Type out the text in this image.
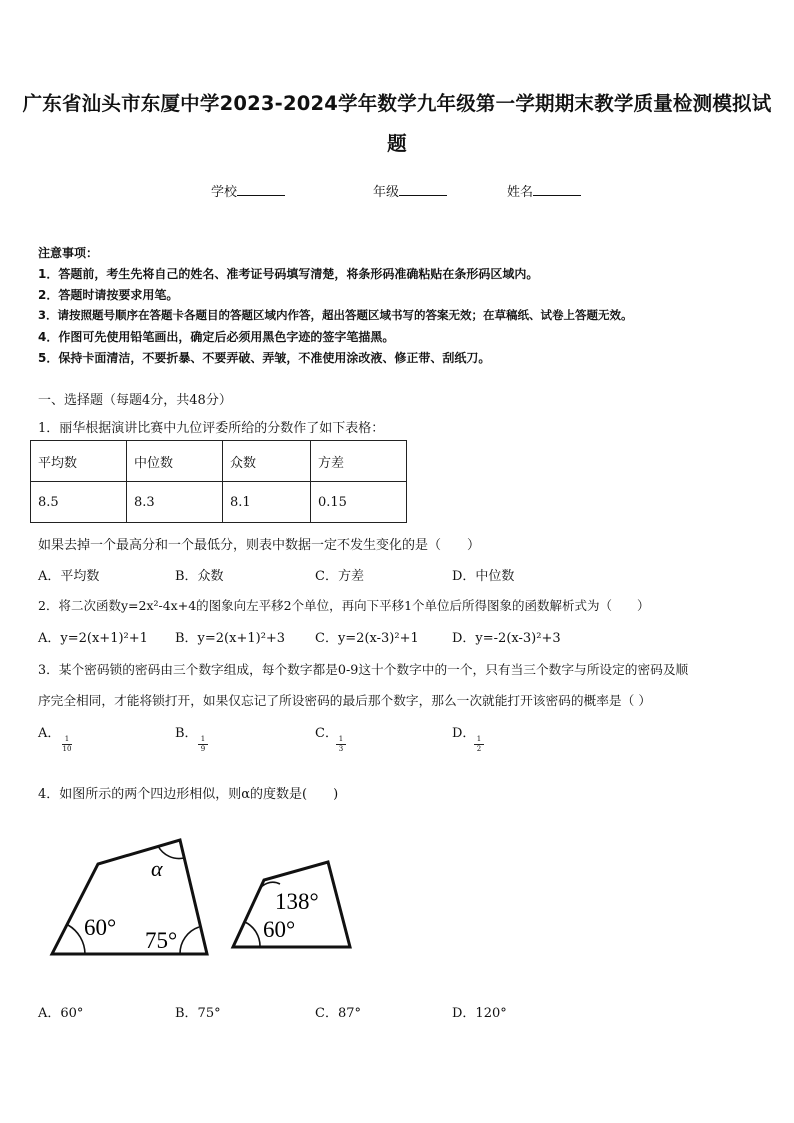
广东省汕头市东厦中学2023-2024学年数学九年级第一学期期末教学质量检测模拟试
题
学校	年级	姓名
注意事项：
1．答题前，考生先将自己的姓名、准考证号码填写清楚，将条形码准确粘贴在条形码区域内。
2．答题时请按要求用笔。
3．请按照题号顺序在答题卡各题目的答题区域内作答，超出答题区域书写的答案无效；在草稿纸、试卷上答题无效。
4．作图可先使用铅笔画出，确定后必须用黑色字迹的签字笔描黑。
5．保持卡面清洁，不要折暴、不要弄破、弄皱，不准使用涂改液、修正带、刮纸刀。
一、选择题（每题4分，共48分）
1．丽华根据演讲比赛中九位评委所给的分数作了如下表格：
平均数	中位数	众数	方差
8.5	8.3	8.1	0.15
如果去掉一个最高分和一个最低分，则表中数据一定不发生变化的是（　　）
A．平均数	B．众数	C．方差	D．中位数
2．将二次函数y=2x²-4x+4的图象向左平移2个单位，再向下平移1个单位后所得图象的函数解析式为（　　）
A．y=2(x+1)²+1 B．y=2(x+1)²+3 C．y=2(x-3)²+1	D．y=-2(x-3)²+3
3．某个密码锁的密码由三个数字组成，每个数字都是0-9这十个数字中的一个，只有当三个数字与所设定的密码及顺
序完全相同，才能将锁打开，如果仅忘记了所设密码的最后那个数字，那么一次就能打开该密码的概率是（ ）
A． 1
10
B． 1
9
C． 1
3
D． 1
2
4．如图所示的两个四边形相似，则α的度数是(　　)
α
60°
75°
138°
60°
A．60°	B．75°	C．87°	D．120°
